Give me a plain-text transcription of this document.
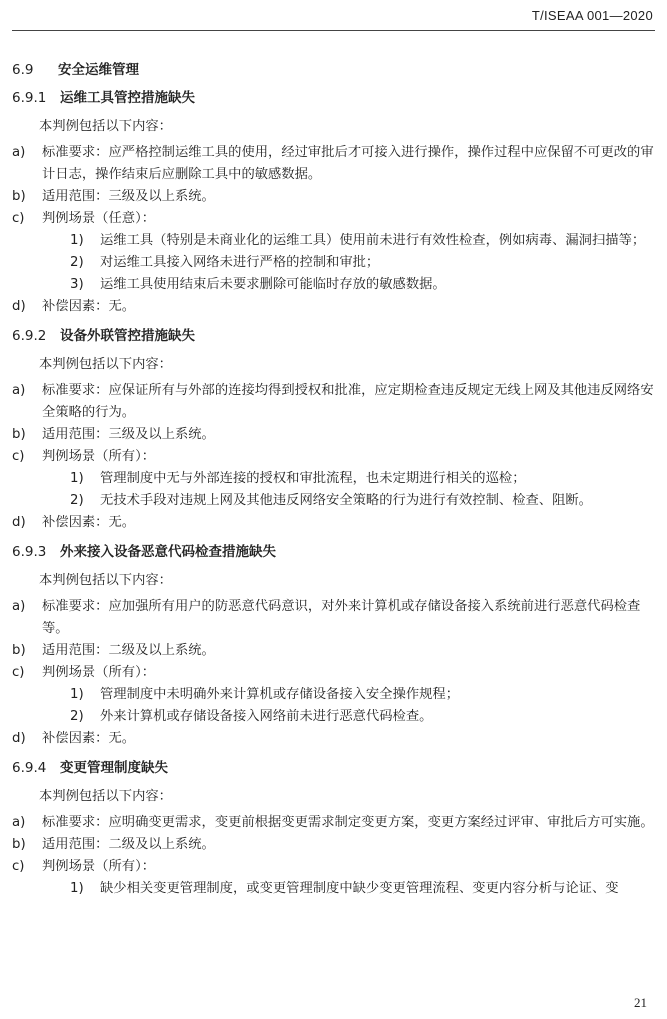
T/ISEAA 001—2020
6.9 安全运维管理
6.9.1 运维工具管控措施缺失
本判例包括以下内容：
a)	标准要求：应严格控制运维工具的使用，经过审批后才可接入进行操作，操作过程中应保留不可更改的审计日志，操作结束后应删除工具中的敏感数据。
b)	适用范围：三级及以上系统。
c)	判例场景（任意）：
1)	运维工具（特别是未商业化的运维工具）使用前未进行有效性检查，例如病毒、漏洞扫描等；
2)	对运维工具接入网络未进行严格的控制和审批；
3)	运维工具使用结束后未要求删除可能临时存放的敏感数据。
d)	补偿因素：无。
6.9.2 设备外联管控措施缺失
本判例包括以下内容：
a)	标准要求：应保证所有与外部的连接均得到授权和批准，应定期检查违反规定无线上网及其他违反网络安全策略的行为。
b)	适用范围：三级及以上系统。
c)	判例场景（所有）：
1)	管理制度中无与外部连接的授权和审批流程，也未定期进行相关的巡检；
2)	无技术手段对违规上网及其他违反网络安全策略的行为进行有效控制、检查、阻断。
d)	补偿因素：无。
6.9.3 外来接入设备恶意代码检查措施缺失
本判例包括以下内容：
a)	标准要求：应加强所有用户的防恶意代码意识，对外来计算机或存储设备接入系统前进行恶意代码检查等。
b)	适用范围：二级及以上系统。
c)	判例场景（所有）：
1)	管理制度中未明确外来计算机或存储设备接入安全操作规程；
2)	外来计算机或存储设备接入网络前未进行恶意代码检查。
d)	补偿因素：无。
6.9.4 变更管理制度缺失
本判例包括以下内容：
a)	标准要求：应明确变更需求，变更前根据变更需求制定变更方案，变更方案经过评审、审批后方可实施。
b)	适用范围：二级及以上系统。
c)	判例场景（所有）：
1)	缺少相关变更管理制度，或变更管理制度中缺少变更管理流程、变更内容分析与论证、变
21
